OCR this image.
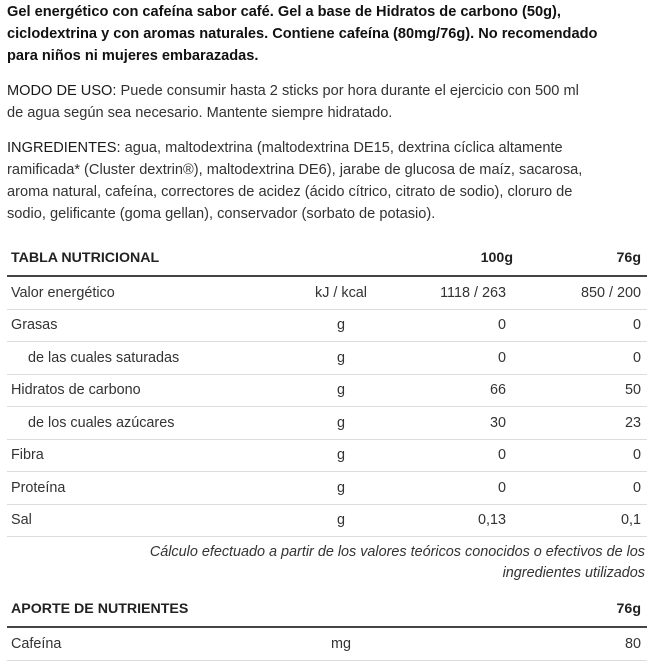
Gel energético con cafeína sabor café. Gel a base de Hidratos de carbono (50g),
ciclodextrina y con aromas naturales. Contiene cafeína (80mg/76g). No recomendado
para niños ni mujeres embarazadas.
MODO DE USO: Puede consumir hasta 2 sticks por hora durante el ejercicio con 500 ml
de agua según sea necesario. Mantente siempre hidratado.
INGREDIENTES: agua, maltodextrina (maltodextrina DE15, dextrina cíclica altamente
ramificada* (Cluster dextrin®), maltodextrina DE6), jarabe de glucosa de maíz, sacarosa,
aroma natural, cafeína, correctores de acidez (ácido cítrico, citrato de sodio), cloruro de
sodio, gelificante (goma gellan), conservador (sorbato de potasio).
TABLA NUTRICIONAL		100g	76g
Valor energético	kJ / kcal	1118 / 263	850 / 200
Grasas	g	0	0
de las cuales saturadas	g	0	0
Hidratos de carbono	g	66	50
de los cuales azúcares	g	30	23
Fibra	g	0	0
Proteína	g	0	0
Sal	g	0,13	0,1
Cálculo efectuado a partir de los valores teóricos conocidos o efectivos de los
ingredientes utilizados
APORTE DE NUTRIENTES			76g
Cafeína	mg		80
